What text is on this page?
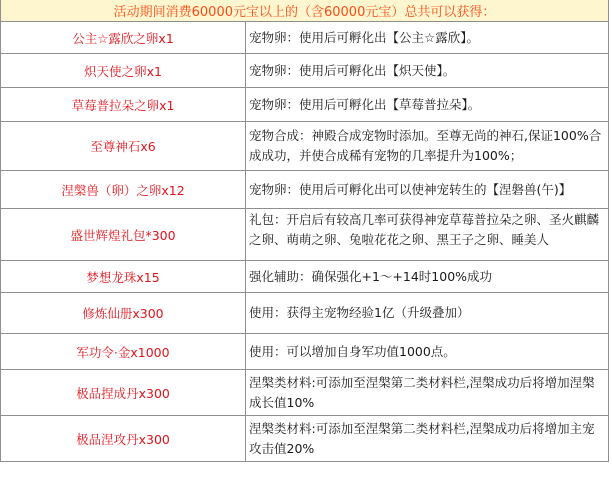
活动期间消费60000元宝以上的（含60000元宝）总共可以获得：	
公主☆露欣之卵x1	宠物卵：使用后可孵化出【公主☆露欣】。
炽天使之卵x1	宠物卵：使用后可孵化出【炽天使】。
草莓普拉朵之卵x1	宠物卵：使用后可孵化出【草莓普拉朵】。
至尊神石x6	宠物合成：神殿合成宠物时添加。至尊无尚的神石,保证100%合成成功，并使合成稀有宠物的几率提升为100%；
涅槃兽（卵）之卵x12	宠物卵：使用后可孵化出可以使神宠转生的【涅磐兽(午)】
盛世辉煌礼包*300	礼包：开启后有较高几率可获得神宠草莓普拉朵之卵、圣火麒麟之卵、萌萌之卵、兔啦花花之卵、黑王子之卵、睡美人

梦想龙珠x15	强化辅助：确保强化+1～+14时100%成功
修炼仙册x300	使用：获得主宠物经验1亿（升级叠加）
军功令·金x1000	使用：可以增加自身军功值1000点。
极品捏成丹x300	涅槃类材料:可添加至涅槃第二类材料栏,涅槃成功后将增加涅槃成长值10%
极品涅攻丹x300	涅槃类材料:可添加至涅槃第二类材料栏,涅槃成功后将增加主宠攻击值20%
